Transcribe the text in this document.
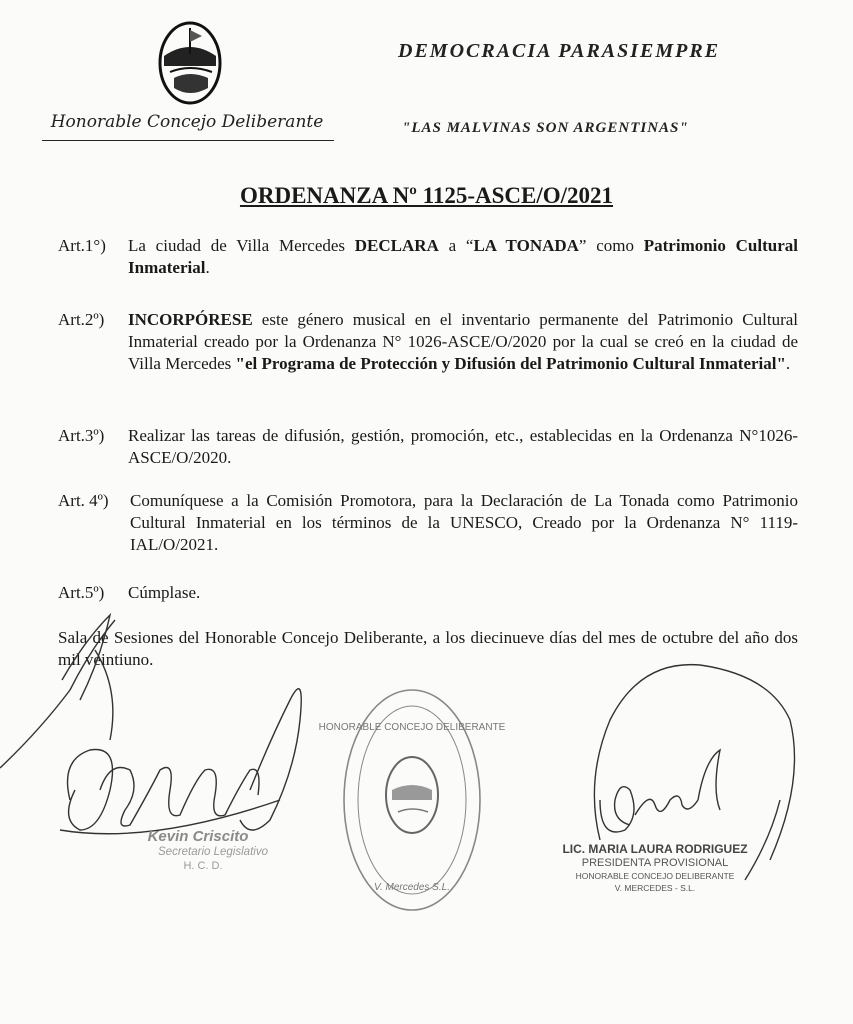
Honorable Concejo Deliberante
DEMOCRACIA PARASIEMPRE
"LAS MALVINAS SON ARGENTINAS"
ORDENANZA Nº 1125-ASCE/O/2021
Art.1°) La ciudad de Villa Mercedes DECLARA a “LA TONADA” como Patrimonio Cultural Inmaterial.
Art.2º) INCORPÓRESE este género musical en el inventario permanente del Patrimonio Cultural Inmaterial creado por la Ordenanza N° 1026-ASCE/O/2020 por la cual se creó en la ciudad de Villa Mercedes "el Programa de Protección y Difusión del Patrimonio Cultural Inmaterial".
Art.3º) Realizar las tareas de difusión, gestión, promoción, etc., establecidas en la Ordenanza N°1026-ASCE/O/2020.
Art. 4º) Comuníquese a la Comisión Promotora, para la Declaración de La Tonada como Patrimonio Cultural Inmaterial en los términos de la UNESCO, Creado por la Ordenanza N° 1119-IAL/O/2021.
Art.5º) Cúmplase.
Sala de Sesiones del Honorable Concejo Deliberante, a los diecinueve días del mes de octubre del año dos mil veintiuno.
HONORABLE CONCEJO DELIBERANTE
V. Mercedes S.L.
Kevin Criscito
Secretario Legislativo
H. C. D.
LIC. MARIA LAURA RODRIGUEZ
PRESIDENTA PROVISIONAL
HONORABLE CONCEJO DELIBERANTE
V. MERCEDES - S.L.
